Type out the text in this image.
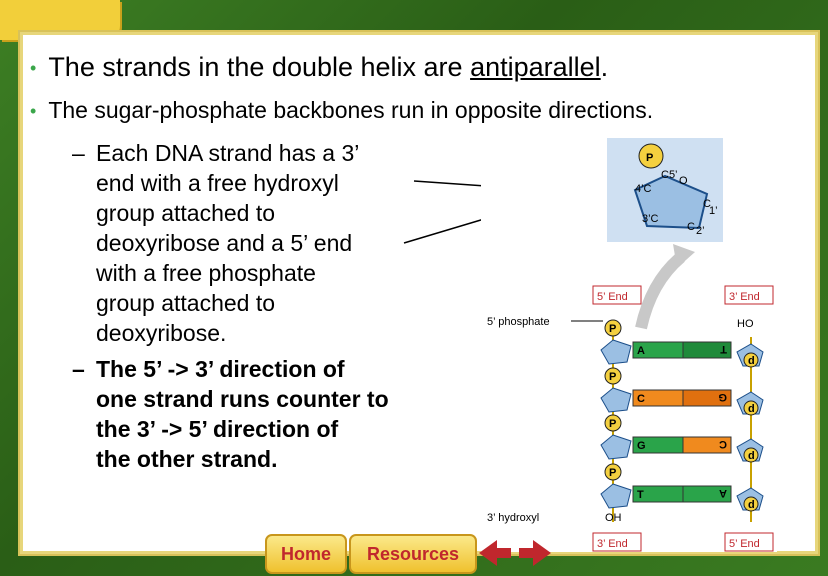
• The strands in the double helix are antiparallel.
• The sugar-phosphate backbones run in opposite directions.
– Each DNA strand has a 3’
end with a free hydroxyl
group attached to
deoxyribose and a 5’ end
with a free phosphate
group attached to
deoxyribose.
– The 5’ -> 3’ direction of
one strand runs counter to
the 3’ -> 5’ direction of
the other strand.
P
C5’ O
4’C
C
1’
3’C
C 2’
5’ End	3’ End
5’ phosphate	HO
P
d
A	T
P
d
C	G
P
d
G	C
P
d
T	A
3’ hydroxyl	OH
3’ End	5’ End
Home	Resources
